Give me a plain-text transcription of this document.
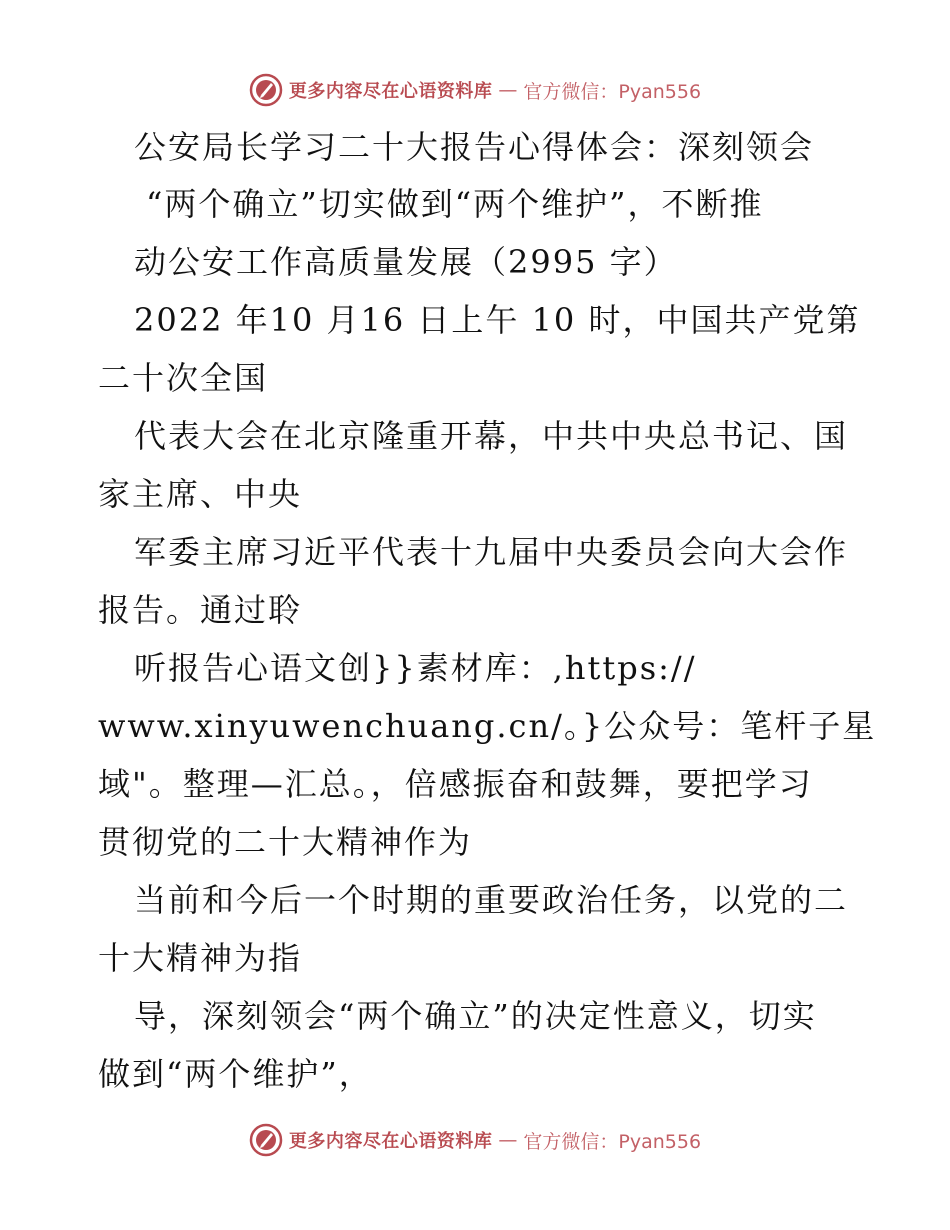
更多内容尽在心语资料库 — 官方微信：Pyan556
公安局长学习二十大报告心得体会：深刻领会
“两个确立”切实做到“两个维护”，不断推
动公安工作高质量发展（2995 字）
2022 年10 月16 日上午 10 时，中国共产党第
二十次全国
代表大会在北京隆重开幕，中共中央总书记、国
家主席、中央
军委主席习近平代表十九届中央委员会向大会作
报告。通过聆
听报告心语文创}}素材库：,https://
www.xinyuwenchuang.cn/。}公众号：笔杆子星
域"。整理—汇总。，倍感振奋和鼓舞，要把学习
贯彻党的二十大精神作为
当前和今后一个时期的重要政治任务，以党的二
十大精神为指
导，深刻领会“两个确立”的决定性意义，切实
做到“两个维护”，
更多内容尽在心语资料库 — 官方微信：Pyan556
